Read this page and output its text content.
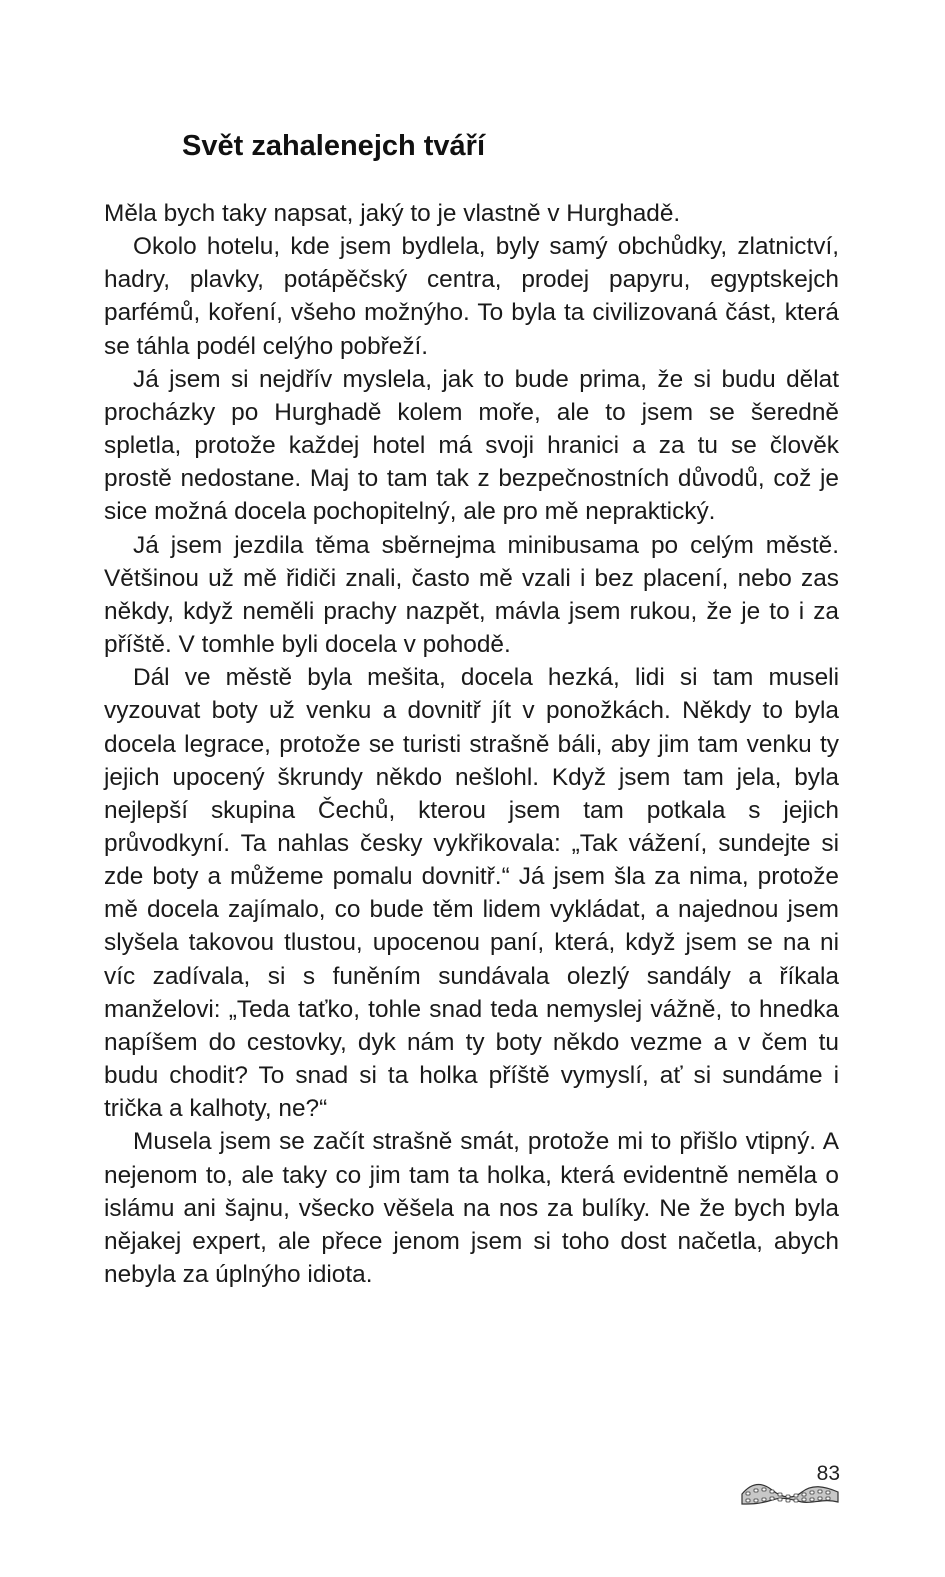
Svět zahalenejch tváří

Měla bych taky napsat, jaký to je vlastně v Hurghadě.

Okolo hotelu, kde jsem bydlela, byly samý obchůdky, zlatnictví, hadry, plavky, potápěčský centra, prodej papyru, egyptskejch parfémů, koření, všeho možnýho. To byla ta civilizovaná část, která se táhla podél celýho pobřeží.

Já jsem si nejdřív myslela, jak to bude prima, že si budu dělat procházky po Hurghadě kolem moře, ale to jsem se šeredně spletla, protože každej hotel má svoji hranici a za tu se člověk prostě nedostane. Maj to tam tak z bezpečnostních důvodů, což je sice možná docela pochopitelný, ale pro mě nepraktický.

Já jsem jezdila těma sběrnejma minibusama po celým městě. Většinou už mě řidiči znali, často mě vzali i bez placení, nebo zas někdy, když neměli prachy nazpět, mávla jsem rukou, že je to i za příště. V tomhle byli docela v pohodě.

Dál ve městě byla mešita, docela hezká, lidi si tam museli vyzouvat boty už venku a dovnitř jít v ponožkách. Někdy to byla docela legrace, protože se turisti strašně báli, aby jim tam venku ty jejich upocený škrundy někdo nešlohl. Když jsem tam jela, byla nejlepší skupina Čechů, kterou jsem tam potkala s jejich průvodkyní. Ta nahlas česky vykřikovala: „Tak vážení, sundejte si zde boty a můžeme pomalu dovnitř.“ Já jsem šla za nima, protože mě docela zajímalo, co bude těm lidem vykládat, a najednou jsem slyšela takovou tlustou, upocenou paní, která, když jsem se na ni víc zadívala, si s funěním sundávala olezlý sandály a říkala manželovi: „Teda taťko, tohle snad teda nemyslej vážně, to hnedka napíšem do cestovky, dyk nám ty boty někdo vezme a v čem tu budu chodit? To snad si ta holka příště vymyslí, ať si sundáme i trička a kalhoty, ne?“

Musela jsem se začít strašně smát, protože mi to přišlo vtipný. A nejenom to, ale taky co jim tam ta holka, která evidentně neměla o islámu ani šajnu, všecko věšela na nos za bulíky. Ne že bych byla nějakej expert, ale přece jenom jsem si toho dost načetla, abych nebyla za úplnýho idiota.

83
